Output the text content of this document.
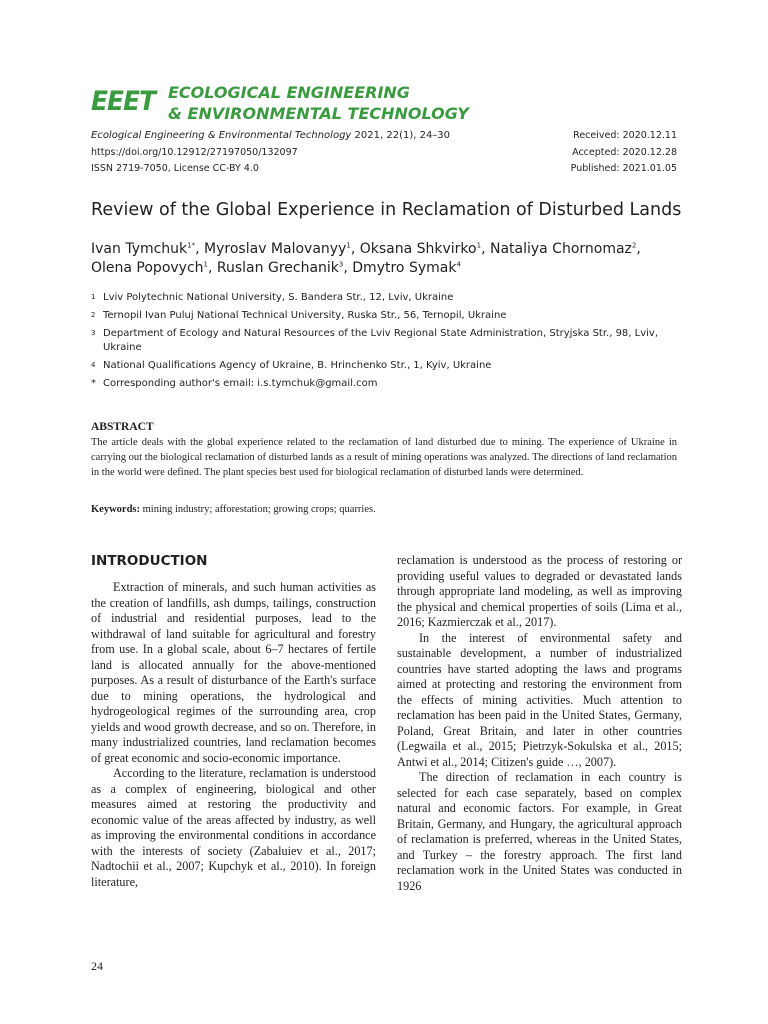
EEET ECOLOGICAL ENGINEERING
& ENVIRONMENTAL TECHNOLOGY
Ecological Engineering & Environmental Technology 2021, 22(1), 24–30
https://doi.org/10.12912/27197050/132097
ISSN 2719-7050, License CC-BY 4.0
Received: 2020.12.11
Accepted: 2020.12.28
Published: 2021.01.05
Review of the Global Experience in Reclamation of Disturbed Lands
Ivan Tymchuk$^{1*}$, Myroslav Malovanyy$^1$, Oksana Shkvirko$^1$, Nataliya Chornomaz$^2$,
Olena Popovych$^1$, Ruslan Grechanik$^3$, Dmytro Symak$^4$
1 Lviv Polytechnic National University, S. Bandera Str., 12, Lviv, Ukraine
2 Ternopil Ivan Puluj National Technical University, Ruska Str., 56, Ternopil, Ukraine
3 Department of Ecology and Natural Resources of the Lviv Regional State Administration, Stryjska Str., 98, Lviv, Ukraine
4 National Qualifications Agency of Ukraine, B. Hrinchenko Str., 1, Kyiv, Ukraine
* Corresponding author's email: i.s.tymchuk@gmail.com
ABSTRACT
The article deals with the global experience related to the reclamation of land disturbed due to mining. The experience of Ukraine in carrying out the biological reclamation of disturbed lands as a result of mining operations was analyzed. The directions of land reclamation in the world were defined. The plant species best used for biological reclamation of disturbed lands were determined.
Keywords: mining industry; afforestation; growing crops; quarries.
INTRODUCTION

Extraction of minerals, and such human activities as the creation of landfills, ash dumps, tailings, construction of industrial and residential purposes, lead to the withdrawal of land suitable for agricultural and forestry from use. In a global scale, about 6–7 hectares of fertile land is allocated annually for the above-mentioned purposes. As a result of disturbance of the Earth's surface due to mining operations, the hydrological and hydrogeological regimes of the surrounding area, crop yields and wood growth decrease, and so on. Therefore, in many industrialized countries, land reclamation becomes of great economic and socio-economic importance.

According to the literature, reclamation is understood as a complex of engineering, biological and other measures aimed at restoring the productivity and economic value of the areas affected by industry, as well as improving the environmental conditions in accordance with the interests of society (Zabaluiev et al., 2017; Nadtochii et al., 2007; Kupchyk et al., 2010). In foreign literature,

reclamation is understood as the process of restoring or providing useful values to degraded or devastated lands through appropriate land modeling, as well as improving the physical and chemical properties of soils (Lima et al., 2016; Kazmierczak et al., 2017).

In the interest of environmental safety and sustainable development, a number of industrialized countries have started adopting the laws and programs aimed at protecting and restoring the environment from the effects of mining activities. Much attention to reclamation has been paid in the United States, Germany, Poland, Great Britain, and later in other countries (Legwaila et al., 2015; Pietrzyk-Sokulska et al., 2015; Antwi et al., 2014; Citizen's guide …, 2007).

The direction of reclamation in each country is selected for each case separately, based on complex natural and economic factors. For example, in Great Britain, Germany, and Hungary, the agricultural approach of reclamation is preferred, whereas in the United States, and Turkey – the forestry approach. The first land reclamation work in the United States was conducted in 1926

24
